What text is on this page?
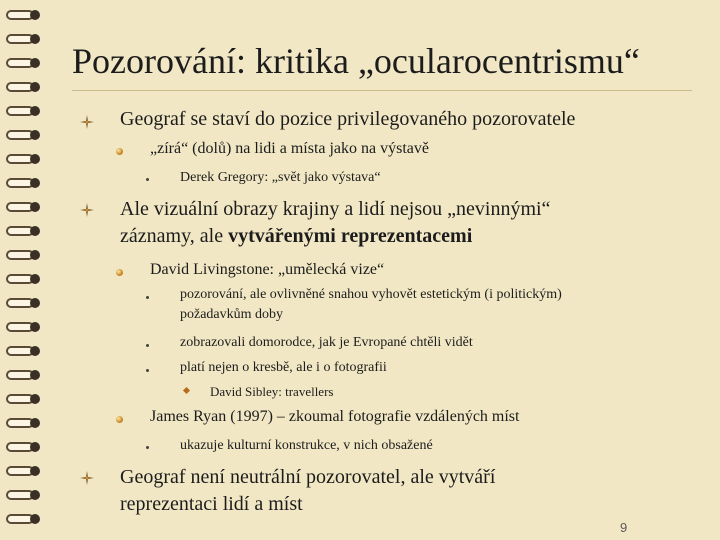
Pozorování: kritika „ocularocentrismu“
Geograf se staví do pozice privilegovaného pozorovatele
„zírá“ (dolů) na lidi a místa jako na výstavě
Derek Gregory: „svět jako výstava“
Ale vizuální obrazy krajiny a lidí nejsou „nevinnými“
záznamy, ale vytvářenými reprezentacemi
David Livingstone: „umělecká vize“
pozorování, ale ovlivněné snahou vyhovět estetickým (i politickým)
požadavkům doby
zobrazovali domorodce, jak je Evropané chtěli vidět
platí nejen o kresbě, ale i o fotografii
David Sibley: travellers
James Ryan (1997) – zkoumal fotografie vzdálených míst
ukazuje kulturní konstrukce, v nich obsažené
Geograf není neutrální pozorovatel, ale vytváří
reprezentaci lidí a míst
9
